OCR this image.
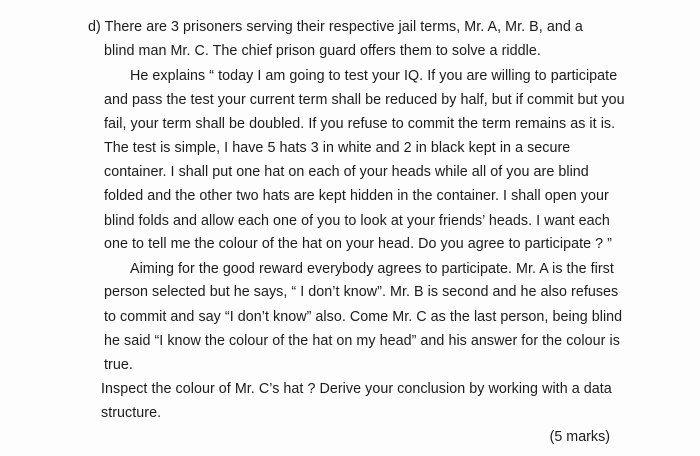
d) There are 3 prisoners serving their respective jail terms, Mr. A, Mr. B, and a
blind man Mr. C. The chief prison guard offers them to solve a riddle.
He explains “ today I am going to test your IQ. If you are willing to participate
and pass the test your current term shall be reduced by half, but if commit but you
fail, your term shall be doubled. If you refuse to commit the term remains as it is.
The test is simple, I have 5 hats 3 in white and 2 in black kept in a secure
container. I shall put one hat on each of your heads while all of you are blind
folded and the other two hats are kept hidden in the container. I shall open your
blind folds and allow each one of you to look at your friends’ heads. I want each
one to tell me the colour of the hat on your head. Do you agree to participate ? ”
Aiming for the good reward everybody agrees to participate. Mr. A is the first
person selected but he says, “ I don’t know”. Mr. B is second and he also refuses
to commit and say “I don’t know” also. Come Mr. C as the last person, being blind
he said “I know the colour of the hat on my head” and his answer for the colour is
true.
Inspect the colour of Mr. C’s hat ? Derive your conclusion by working with a data
structure.
(5 marks)
